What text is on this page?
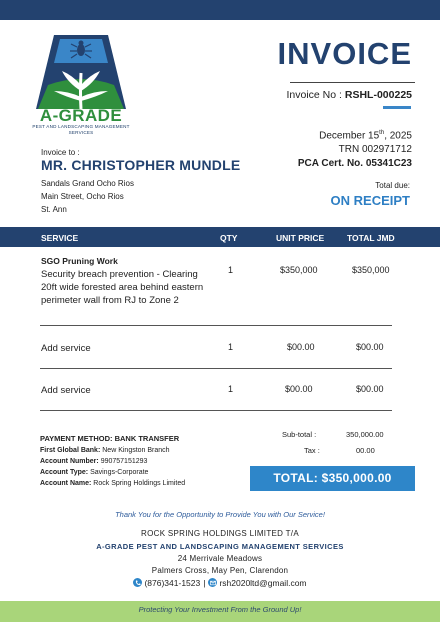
A-GRADE
PEST AND LANDSCAPING MANAGEMENT SERVICES
INVOICE
Invoice No : RSHL-000225
December 15th, 2025
TRN 002971712
PCA Cert. No. 05341C23
Invoice to :
MR. CHRISTOPHER MUNDLE
Sandals Grand Ocho Rios
Main Street, Ocho Rios
St. Ann
Total due:
ON RECEIPT
SERVICE	QTY	UNIT PRICE	TOTAL JMD
SGO Pruning Work
Security breach prevention - Clearing 20ft wide forested area behind eastern perimeter wall from RJ to Zone 2
1	$350,000	$350,000
Add service	1	$00.00	$00.00
Add service	1	$00.00	$00.00
PAYMENT METHOD: BANK TRANSFER
First Global Bank: New Kingston Branch
Account Number: 990757151293
Account Type: Savings-Corporate
Account Name: Rock Spring Holdings Limited
Sub-total :	350,000.00
Tax :	00.00
TOTAL: $350,000.00
Thank You for the Opportunity to Provide You with Our Service!
ROCK SPRING HOLDINGS LIMITED T/A
A-GRADE PEST AND LANDSCAPING MANAGEMENT SERVICES
24 Merrivale Meadows
Palmers Cross, May Pen, Clarendon
(876)341-1523 | rsh2020ltd@gmail.com
Protecting Your Investment From the Ground Up!
